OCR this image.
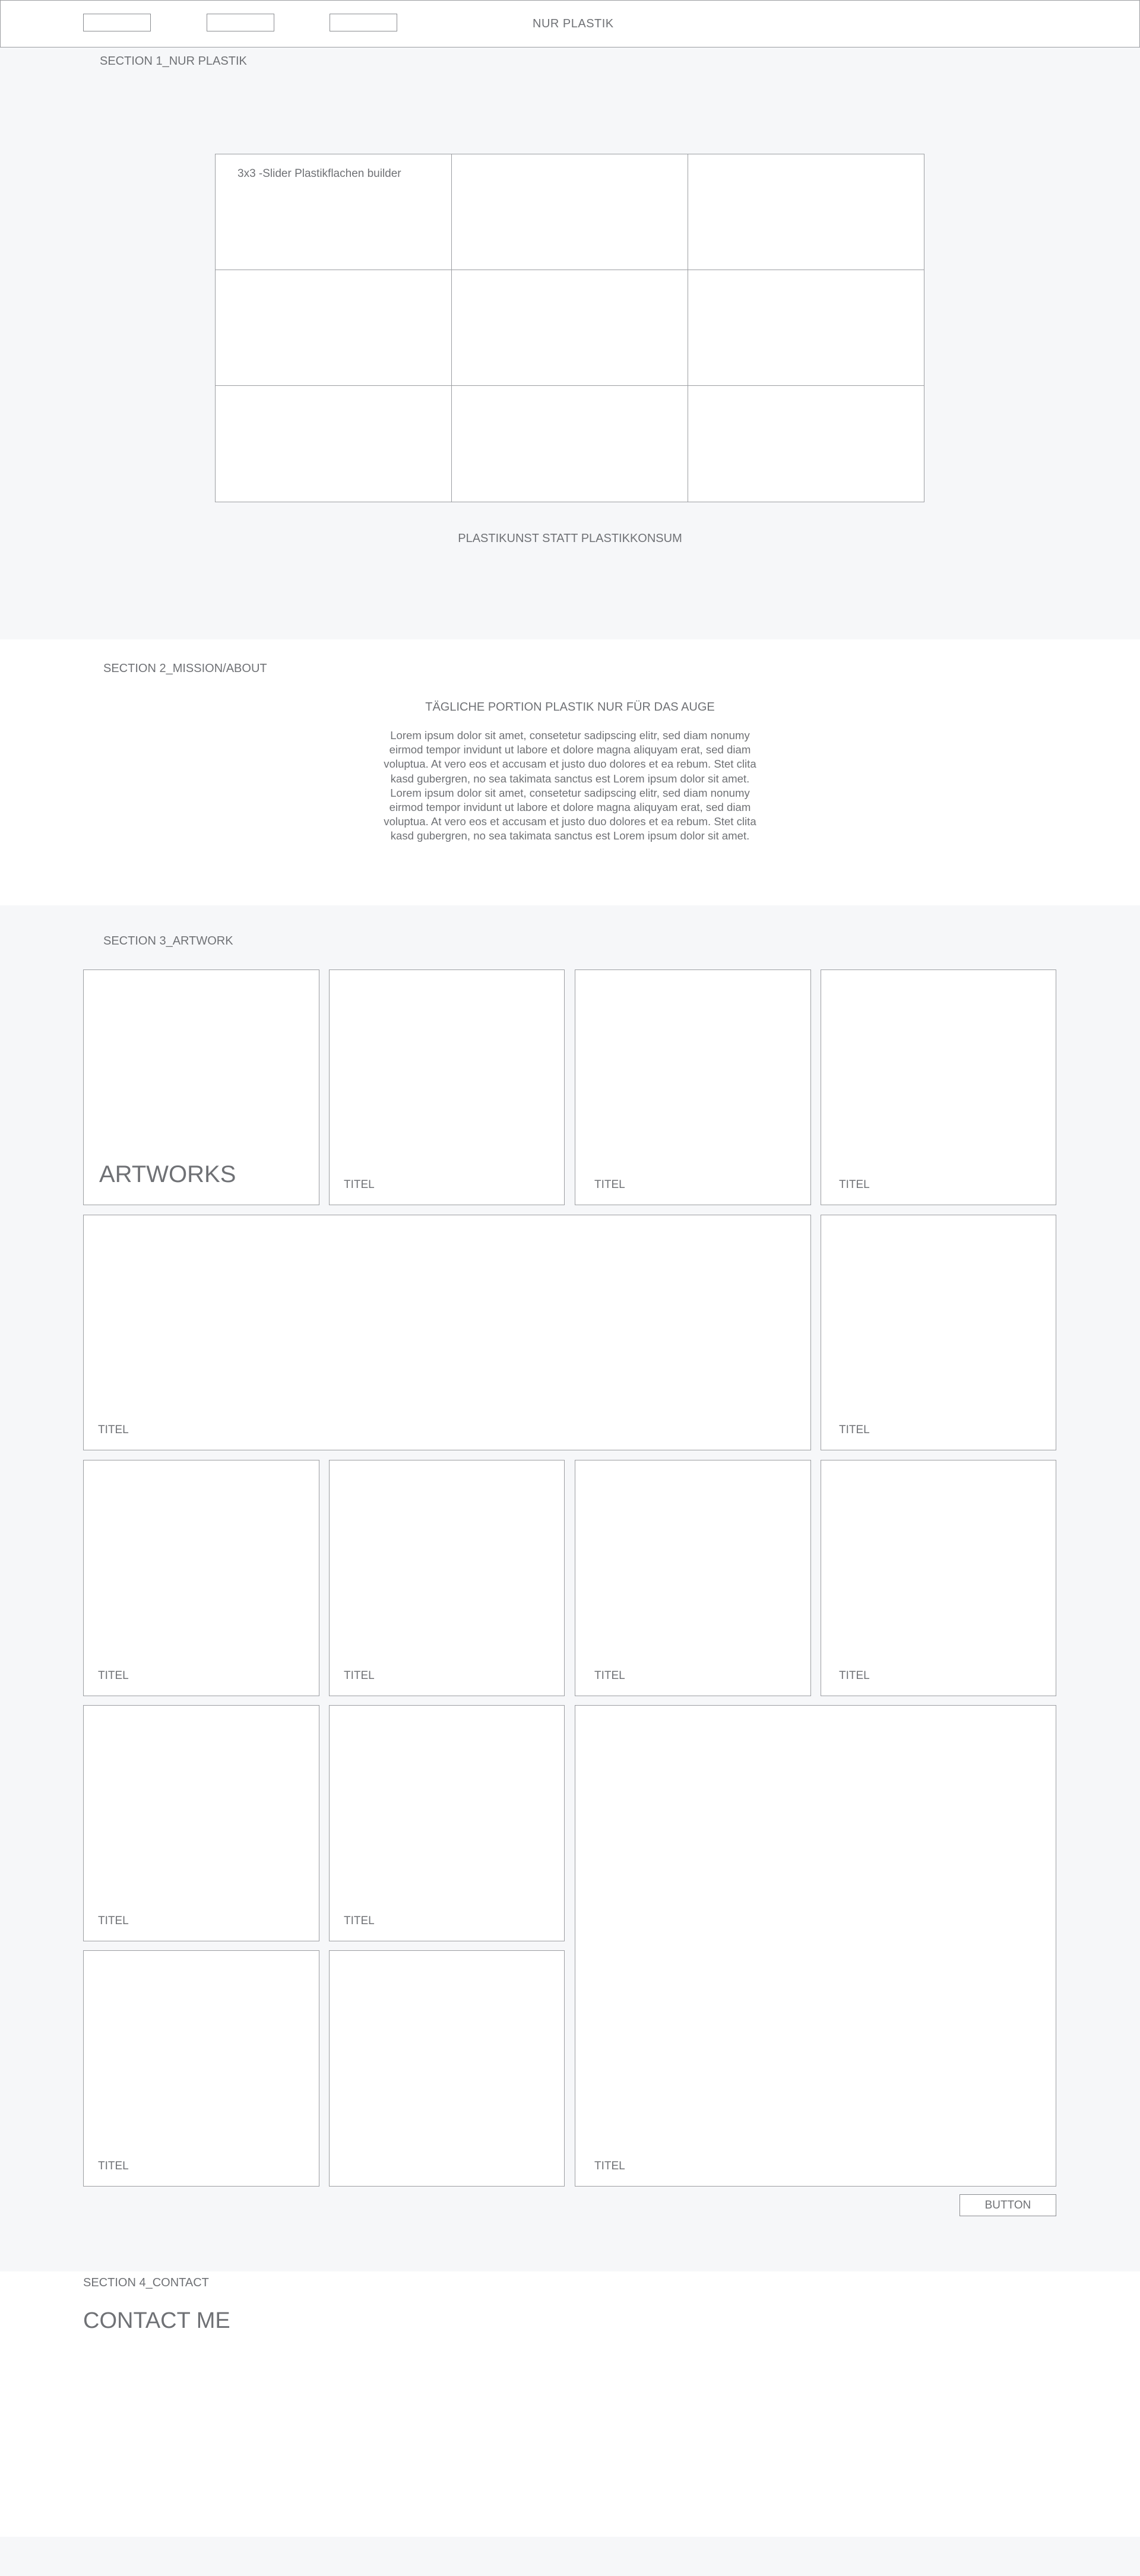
NUR PLASTIK
SECTION 1_NUR PLASTIK
3x3 -Slider Plastikflachen builder
PLASTIKUNST STATT PLASTIKKONSUM
SECTION 2_MISSION/ABOUT
TÄGLICHE PORTION PLASTIK NUR FÜR DAS AUGE
Lorem ipsum dolor sit amet, consetetur sadipscing elitr, sed diam nonumy
eirmod tempor invidunt ut labore et dolore magna aliquyam erat, sed diam
voluptua. At vero eos et accusam et justo duo dolores et ea rebum. Stet clita
kasd gubergren, no sea takimata sanctus est Lorem ipsum dolor sit amet.
Lorem ipsum dolor sit amet, consetetur sadipscing elitr, sed diam nonumy
eirmod tempor invidunt ut labore et dolore magna aliquyam erat, sed diam
voluptua. At vero eos et accusam et justo duo dolores et ea rebum. Stet clita
kasd gubergren, no sea takimata sanctus est Lorem ipsum dolor sit amet.
SECTION 3_ARTWORK
ARTWORKS	TITEL	TITEL	TITEL
TITEL	TITEL
TITEL	TITEL	TITEL	TITEL
TITEL	TITEL
TITEL	TITEL
BUTTON
SECTION 4_CONTACT
CONTACT ME
